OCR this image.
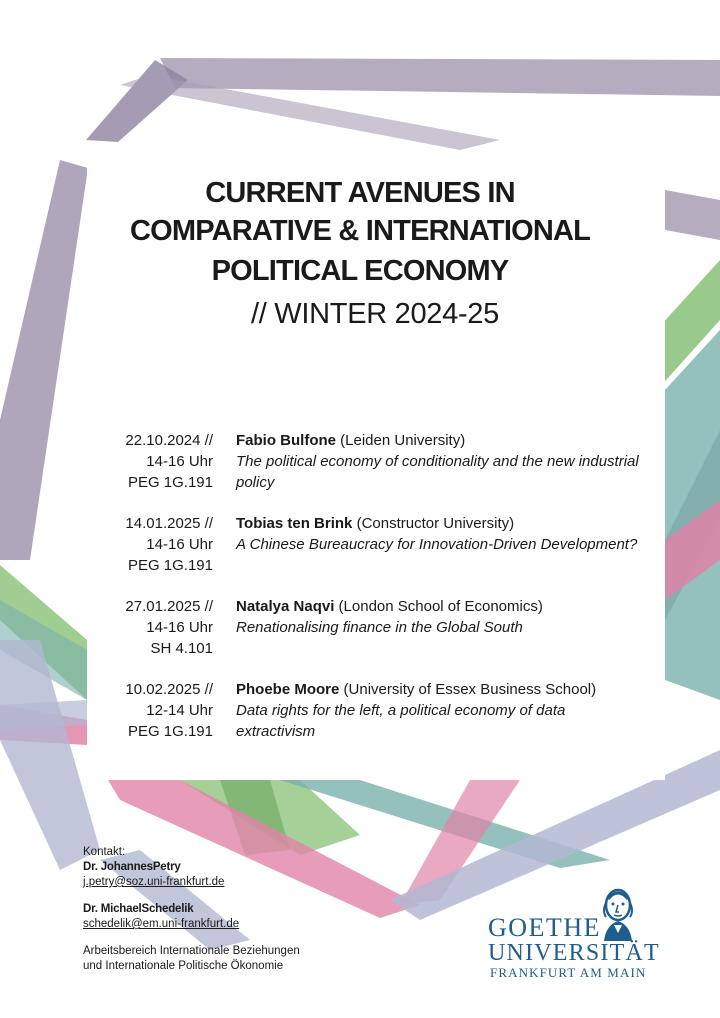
CURRENT AVENUES IN
COMPARATIVE & INTERNATIONAL
POLITICAL ECONOMY
// WINTER 2024-25
22.10.2024 //
14-16 Uhr
PEG 1G.191
Fabio Bulfone (Leiden University)
The political economy of conditionality and the new industrial policy
14.01.2025 //
14-16 Uhr
PEG 1G.191
Tobias ten Brink (Constructor University)
A Chinese Bureaucracy for Innovation-Driven Development?
27.01.2025 //
14-16 Uhr
SH 4.101
Natalya Naqvi (London School of Economics)
Renationalising finance in the Global South
10.02.2025 //
12-14 Uhr
PEG 1G.191
Phoebe Moore (University of Essex Business School)
Data rights for the left, a political economy of data extractivism
Kontakt:
Dr. JohannesPetry
j.petry@soz.uni-frankfurt.de
Dr. MichaelSchedelik
schedelik@em.uni-frankfurt.de
Arbeitsbereich Internationale Beziehungen
und Internationale Politische Ökonomie
GOETHE
UNIVERSITÄT
FRANKFURT AM MAIN
